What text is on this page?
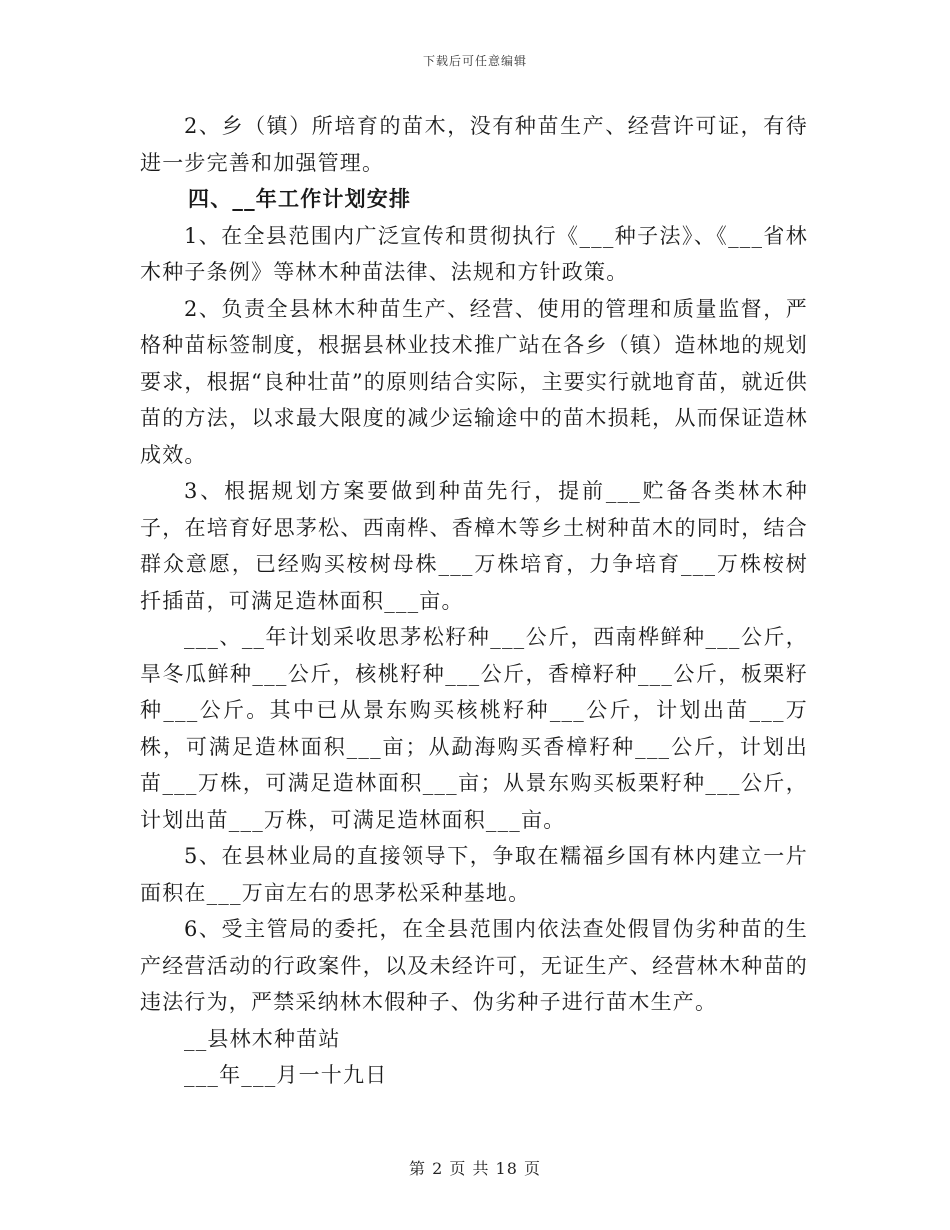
下载后可任意编辑

2、乡（镇）所培育的苗木，没有种苗生产、经营许可证，有待进一步完善和加强管理。

四、__年工作计划安排

1、在全县范围内广泛宣传和贯彻执行《___种子法》、《___省林木种子条例》等林木种苗法律、法规和方针政策。

2、负责全县林木种苗生产、经营、使用的管理和质量监督，严格种苗标签制度，根据县林业技术推广站在各乡（镇）造林地的规划要求，根据“良种壮苗”的原则结合实际，主要实行就地育苗，就近供苗的方法，以求最大限度的减少运输途中的苗木损耗，从而保证造林成效。

3、根据规划方案要做到种苗先行，提前___贮备各类林木种子，在培育好思茅松、西南桦、香樟木等乡土树种苗木的同时，结合群众意愿，已经购买桉树母株___万株培育，力争培育___万株桉树扦插苗，可满足造林面积___亩。

___、__年计划采收思茅松籽种___公斤，西南桦鲜种___公斤，旱冬瓜鲜种___公斤，核桃籽种___公斤，香樟籽种___公斤，板栗籽种___公斤。其中已从景东购买核桃籽种___公斤，计划出苗___万株，可满足造林面积___亩；从勐海购买香樟籽种___公斤，计划出苗___万株，可满足造林面积___亩；从景东购买板栗籽种___公斤，计划出苗___万株，可满足造林面积___亩。

5、在县林业局的直接领导下，争取在糯福乡国有林内建立一片面积在___万亩左右的思茅松采种基地。

6、受主管局的委托，在全县范围内依法查处假冒伪劣种苗的生产经营活动的行政案件，以及未经许可，无证生产、经营林木种苗的违法行为，严禁采纳林木假种子、伪劣种子进行苗木生产。

__县林木种苗站

___年___月一十九日

第 2 页 共 18 页
